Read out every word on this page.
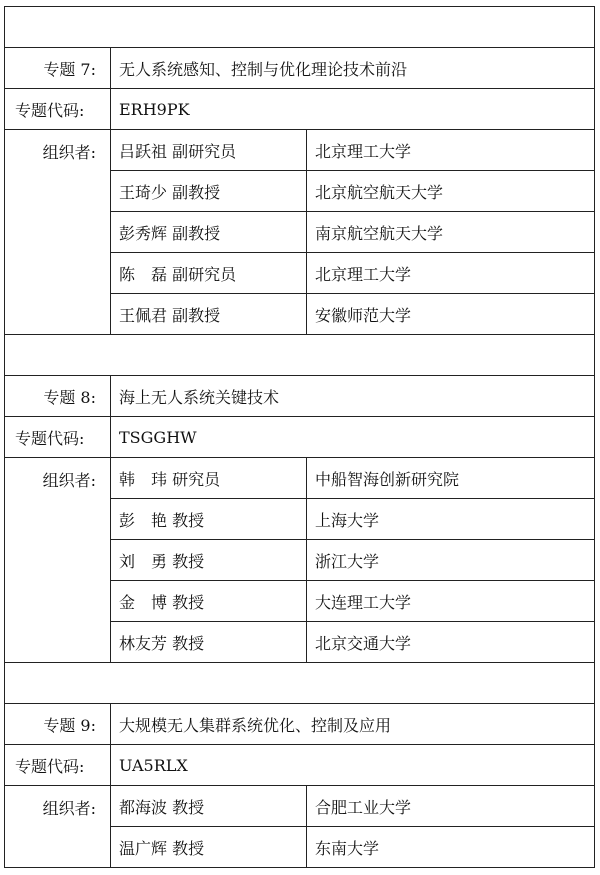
专题 7:	无人系统感知、控制与优化理论技术前沿	
专题代码:	ERH9PK	
组织者:	吕跃祖 副研究员	北京理工大学
	王琦少 副教授	北京航空航天大学
	彭秀辉 副教授	南京航空航天大学
	陈　磊 副研究员	北京理工大学
	王佩君 副教授	安徽师范大学

专题 8:	海上无人系统关键技术	
专题代码:	TSGGHW	
组织者:	韩　玮 研究员	中船智海创新研究院
	彭　艳 教授	上海大学
	刘　勇 教授	浙江大学
	金　博 教授	大连理工大学
	林友芳 教授	北京交通大学

专题 9:	大规模无人集群系统优化、控制及应用	
专题代码:	UA5RLX	
组织者:	都海波 教授	合肥工业大学
	温广辉 教授	东南大学
